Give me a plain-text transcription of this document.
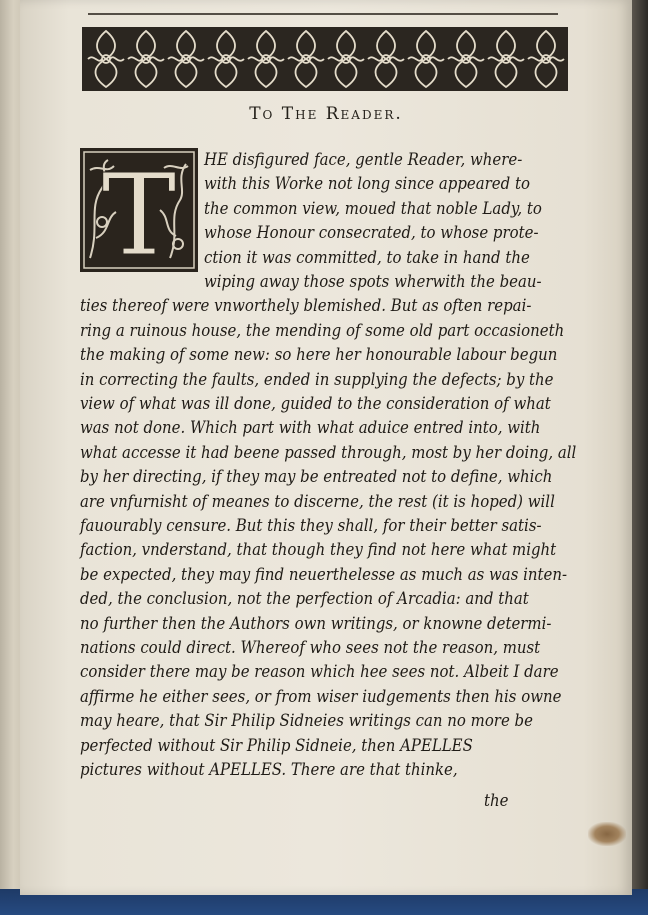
To The Reader.
T HE disfigured face, gentle Reader, where-
with this Worke not long since appeared to
the common view, moued that noble Lady, to
whose Honour consecrated, to whose prote-
ction it was committed, to take in hand the
wiping away those spots wherwith the beau-
ties thereof were vnworthely blemished. But as often repai-
ring a ruinous house, the mending of some old part occasioneth
the making of some new: so here her honourable labour begun
in correcting the faults, ended in supplying the defects; by the
view of what was ill done, guided to the consideration of what
was not done. Which part with what aduice entred into, with
what accesse it had beene passed through, most by her doing, all
by her directing, if they may be entreated not to define, which
are vnfurnisht of meanes to discerne, the rest (it is hoped) will
fauourably censure. But this they shall, for their better satis-
faction, vnderstand, that though they find not here what might
be expected, they may find neuerthelesse as much as was inten-
ded, the conclusion, not the perfection of Arcadia: and that
no further then the Authors own writings, or knowne determi-
nations could direct. Whereof who sees not the reason, must
consider there may be reason which hee sees not. Albeit I dare
affirme he either sees, or from wiser iudgements then his owne
may heare, that Sir Philip Sidneies writings can no more be
perfected without Sir Philip Sidneie, then APELLES
pictures without APELLES. There are that thinke,
the
